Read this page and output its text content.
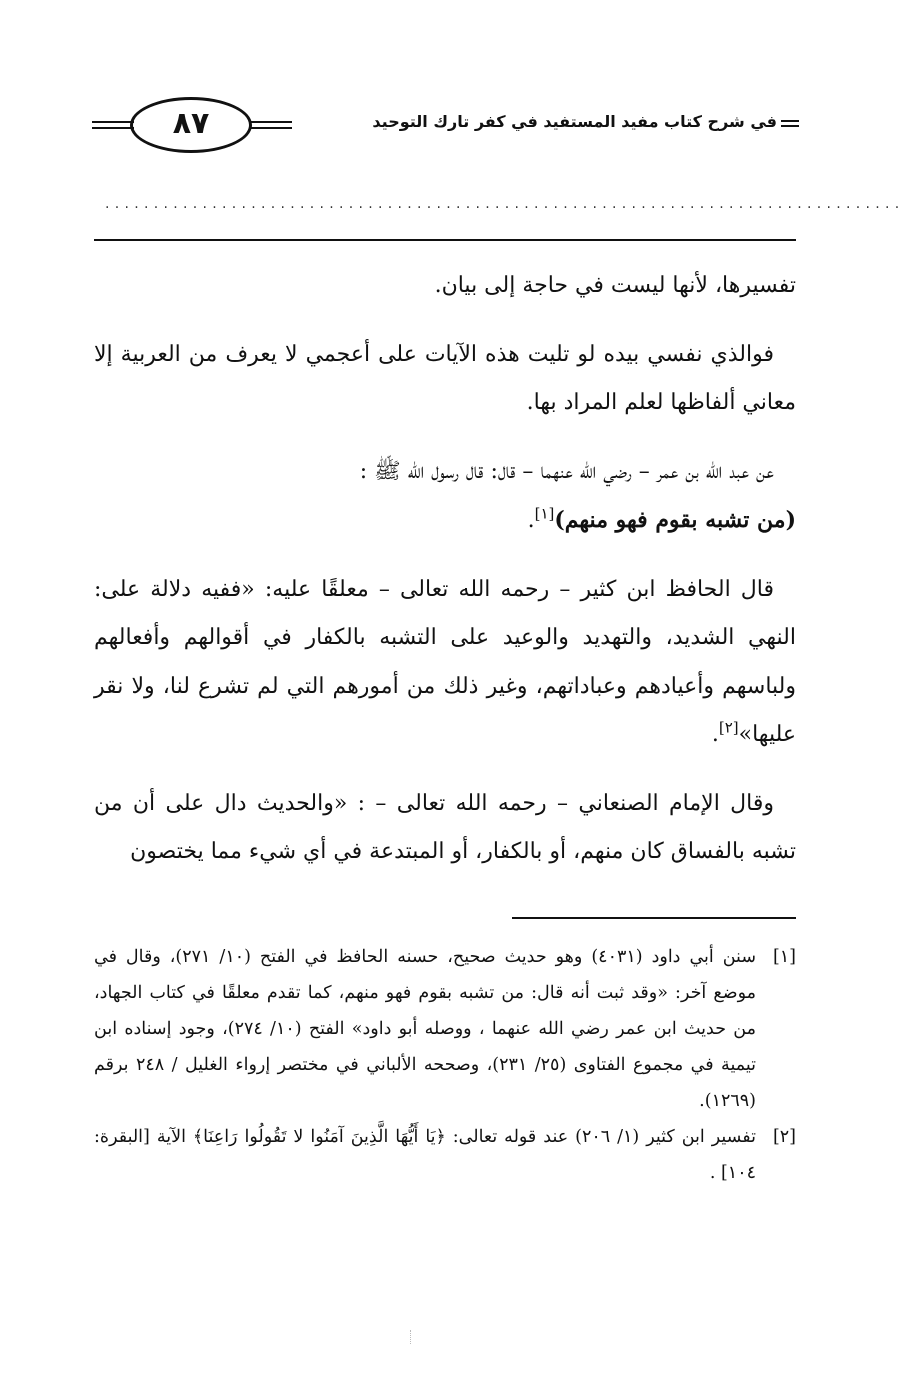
في شرح كتاب مفيد المستفيد في كفر تارك التوحيد
٨٧
..................................................................................

تفسيرها، لأنها ليست في حاجة إلى بيان.

فوالذي نفسي بيده لو تليت هذه الآيات على أعجمي لا يعرف من العربية إلا معاني ألفاظها لعلم المراد بها.

عن عبد الله بن عمر – رضي الله عنهما – قال: قال رسول الله ﷺ :
(من تشبه بقوم فهو منهم)[١].

قال الحافظ ابن كثير – رحمه الله تعالى – معلقًا عليه: «ففيه دلالة على: النهي الشديد، والتهديد والوعيد على التشبه بالكفار في أقوالهم وأفعالهم ولباسهم وأعيادهم وعباداتهم، وغير ذلك من أمورهم التي لم تشرع لنا، ولا نقر عليها»[٢].

وقال الإمام الصنعاني – رحمه الله تعالى – : «والحديث دال على أن من تشبه بالفساق كان منهم، أو بالكفار، أو المبتدعة في أي شيء مما يختصون

[١]
سنن أبي داود (٤٠٣١) وهو حديث صحيح، حسنه الحافظ في الفتح (١٠/ ٢٧١)، وقال في موضع آخر: «وقد ثبت أنه قال: من تشبه بقوم فهو منهم، كما تقدم معلقًا في كتاب الجهاد، من حديث ابن عمر رضي الله عنهما ، ووصله أبو داود» الفتح (١٠/ ٢٧٤)، وجود إسناده ابن تيمية في مجموع الفتاوى (٢٥/ ٢٣١)، وصححه الألباني في مختصر إرواء الغليل / ٢٤٨ برقم (١٢٦٩).
[٢]
تفسير ابن كثير (١/ ٢٠٦) عند قوله تعالى: ﴿يَا أَيُّهَا الَّذِينَ آمَنُوا لا تَقُولُوا رَاعِنَا﴾ الآية [البقرة: ١٠٤] .
